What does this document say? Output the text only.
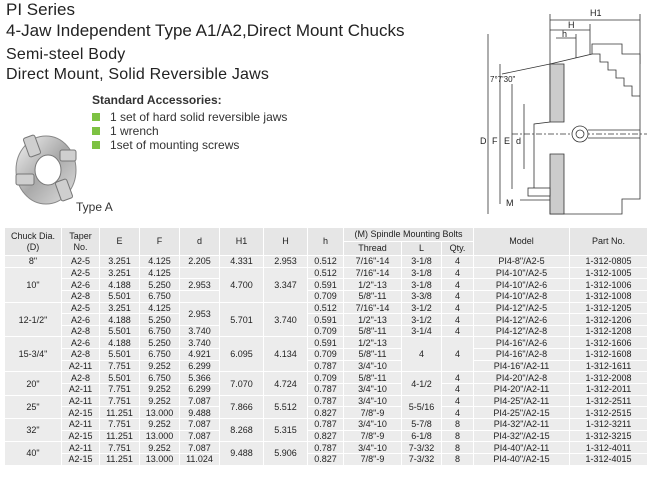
PI Series
4-Jaw Independent Type A1/A2,Direct Mount Chucks
Semi-steel Body
Direct Mount, Solid Reversible Jaws
Standard Accessories:
1 set of hard solid reversible jaws
1 wrench
1set of mounting screws
Type A
H1
H
h
7°7'30"
D F E d
M
Chuck Dia.(D)	Taper No.	E	F	d	H1	H	h	(M) Spindle Mounting Bolts			Model	Part No.
								Thread	L	Qty.		
8"	A2-5	3.251	4.125	2.205	4.331	2.953	0.512	7/16"-14	3-1/8	4	PI4-8"/A2-5	1-312-0805
10"	A2-5	3.251	4.125		4.700	3.347	0.512	7/16"-14	3-1/8	4	PI4-10"/A2-5	1-312-1005
	A2-6	4.188	5.250	2.953			0.591	1/2"-13	3-1/8	4	PI4-10"/A2-6	1-312-1006
	A2-8	5.501	6.750				0.709	5/8"-11	3-3/8	4	PI4-10"/A2-8	1-312-1008
12-1/2"	A2-5	3.251	4.125	2.953	5.701	3.740	0.512	7/16"-14	3-1/2	4	PI4-12"/A2-5	1-312-1205
	A2-6	4.188	5.250				0.591	1/2"-13	3-1/2	4	PI4-12"/A2-6	1-312-1206
	A2-8	5.501	6.750	3.740			0.709	5/8"-11	3-1/4	4	PI4-12"/A2-8	1-312-1208
15-3/4"	A2-6	4.188	5.250	3.740	6.095	4.134	0.591	1/2"-13	4	4	PI4-16"/A2-6	1-312-1606
	A2-8	5.501	6.750	4.921			0.709	5/8"-11			PI4-16"/A2-8	1-312-1608
	A2-11	7.751	9.252	6.299			0.787	3/4"-10			PI4-16"/A2-11	1-312-1611
20"	A2-8	5.501	6.750	5.366	7.070	4.724	0.709	5/8"-11	4-1/2	4	PI4-20"/A2-8	1-312-2008
	A2-11	7.751	9.252	6.299			0.787	3/4"-10		4	PI4-20"/A2-11	1-312-2011
25"	A2-11	7.751	9.252	7.087	7.866	5.512	0.787	3/4"-10	5-5/16	4	PI4-25"/A2-11	1-312-2511
	A2-15	11.251	13.000	9.488			0.827	7/8"-9		4	PI4-25"/A2-15	1-312-2515
32"	A2-11	7.751	9.252	7.087	8.268	5.315	0.787	3/4"-10	5-7/8	8	PI4-32"/A2-11	1-312-3211
	A2-15	11.251	13.000	7.087			0.827	7/8"-9	6-1/8	8	PI4-32"/A2-15	1-312-3215
40"	A2-11	7.751	9.252	7.087	9.488	5.906	0.787	3/4"-10	7-3/32	8	PI4-40"/A2-11	1-312-4011
	A2-15	11.251	13.000	11.024			0.827	7/8"-9	7-3/32	8	PI4-40"/A2-15	1-312-4015
